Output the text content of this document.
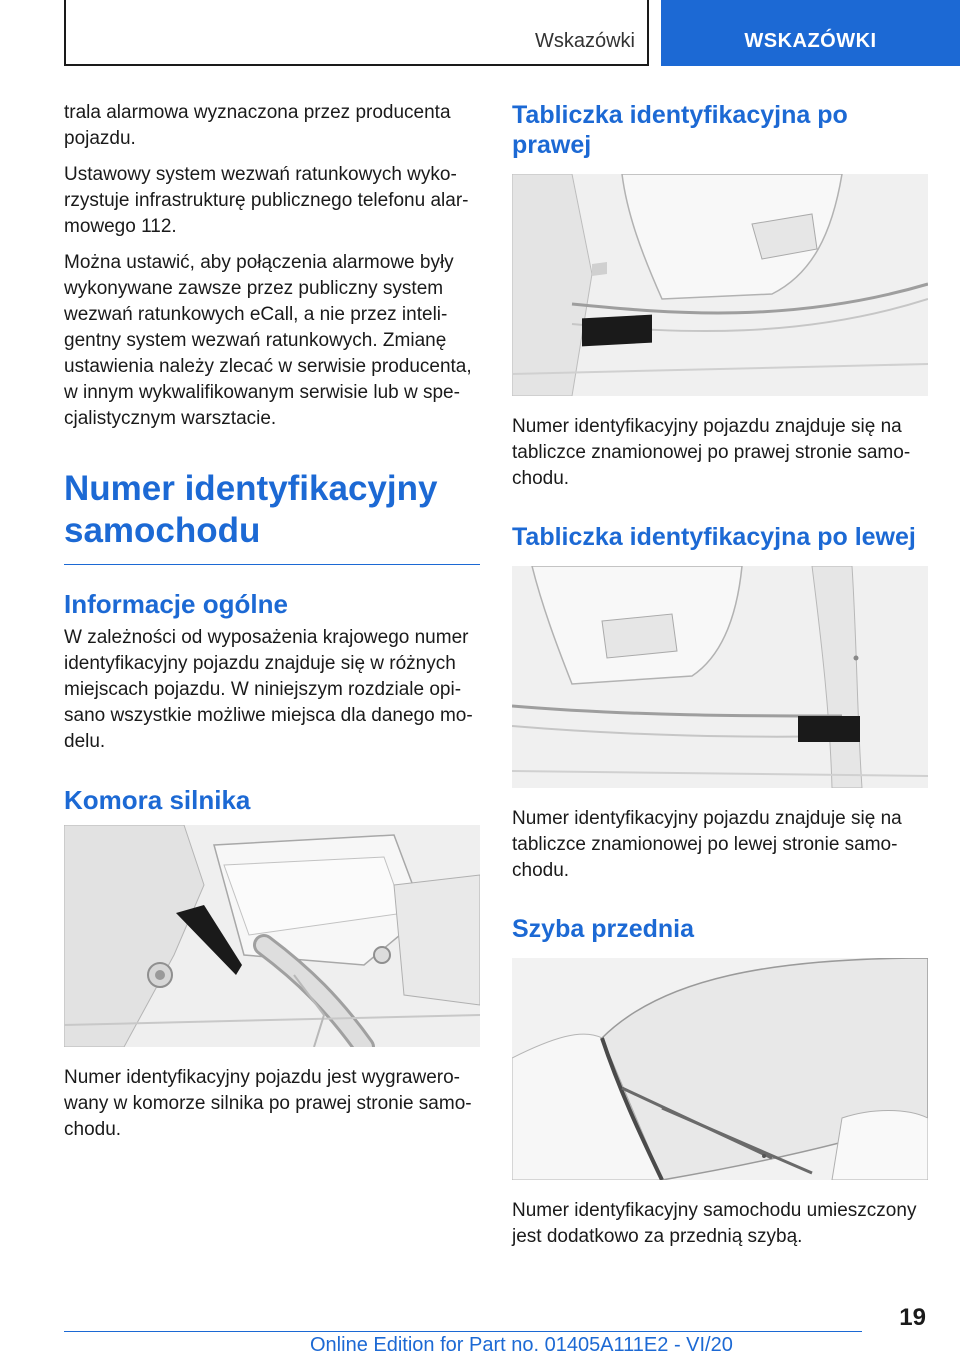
Wskazówki	WSKAZÓWKI

trala alarmowa wyznaczona przez producenta pojazdu.

Ustawowy system wezwań ratunkowych wykorzystuje infrastrukturę publicznego telefonu alarmowego 112.

Można ustawić, aby połączenia alarmowe były wykonywane zawsze przez publiczny system wezwań ratunkowych eCall, a nie przez inteligentny system wezwań ratunkowych. Zmianę ustawienia należy zlecać w serwisie producenta, w innym wykwalifikowanym serwisie lub w specjalistycznym warsztacie.

Numer identyfikacyjny samochodu
Informacje ogólne

W zależności od wyposażenia krajowego numer identyfikacyjny pojazdu znajduje się w różnych miejscach pojazdu. W niniejszym rozdziale opisano wszystkie możliwe miejsca dla danego modelu.

Komora silnika

Numer identyfikacyjny pojazdu jest wygrawerowany w komorze silnika po prawej stronie samochodu.

Tabliczka identyfikacyjna po prawej

Numer identyfikacyjny pojazdu znajduje się na tabliczce znamionowej po prawej stronie samochodu.

Tabliczka identyfikacyjna po lewej

Numer identyfikacyjny pojazdu znajduje się na tabliczce znamionowej po lewej stronie samochodu.

Szyba przednia

Numer identyfikacyjny samochodu umieszczony jest dodatkowo za przednią szybą.

19
Online Edition for Part no. 01405A111E2 - VI/20
